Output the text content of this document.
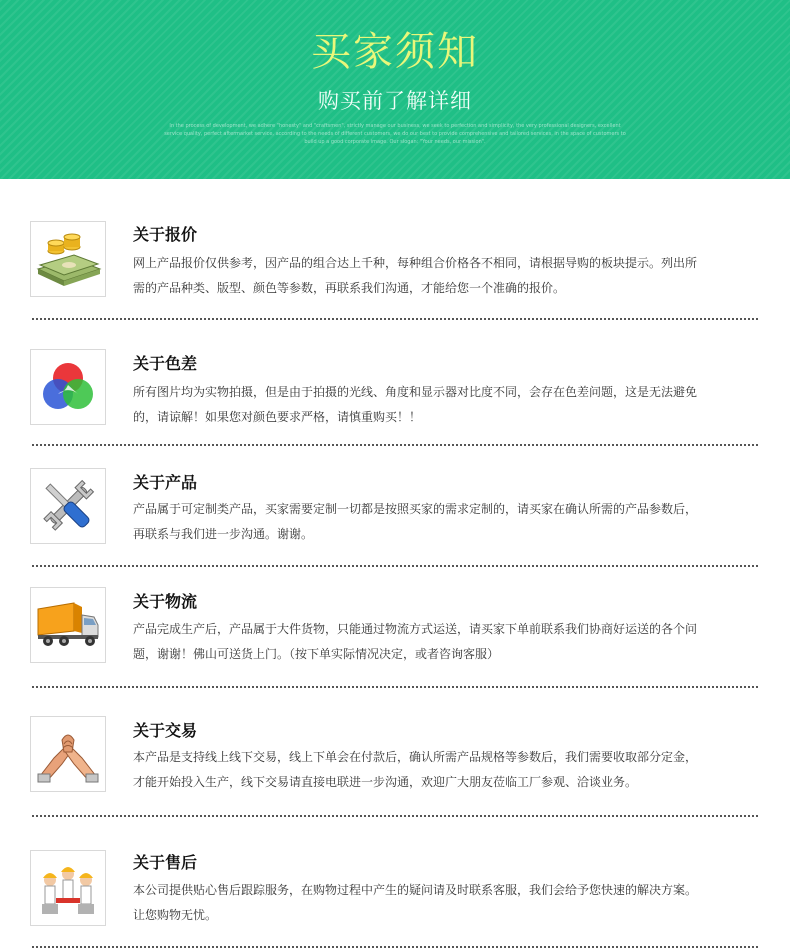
买家须知
购买前了解详细
In the process of development, we adhere "honesty" and "craftsmen", strictly manage our business, we seek to perfection and simplicity, the very professional designers, excellent service quality, perfect aftermarket service, according to the needs of different customers, we do our best to provide comprehensive and tailored services, in the space of customers to build up a good corporate image. Our slogan: "Your needs, our mission".
关于报价
网上产品报价仅供参考，因产品的组合达上千种，每种组合价格各不相同，请根据导购的板块提示。列出所
需的产品种类、版型、颜色等参数，再联系我们沟通，才能给您一个准确的报价。
关于色差
所有图片均为实物拍摄，但是由于拍摄的光线、角度和显示器对比度不同，会存在色差问题，这是无法避免
的，请谅解！如果您对颜色要求严格，请慎重购买！！
关于产品
产品属于可定制类产品，买家需要定制一切都是按照买家的需求定制的，请买家在确认所需的产品参数后，
再联系与我们进一步沟通。谢谢。
关于物流
产品完成生产后，产品属于大件货物，只能通过物流方式运送，请买家下单前联系我们协商好运送的各个问
题，谢谢！佛山可送货上门。（按下单实际情况决定，或者咨询客服）
关于交易
本产品是支持线上线下交易，线上下单会在付款后，确认所需产品规格等参数后，我们需要收取部分定金，
才能开始投入生产，线下交易请直接电联进一步沟通，欢迎广大朋友莅临工厂参观、洽谈业务。
关于售后
本公司提供贴心售后跟踪服务，在购物过程中产生的疑问请及时联系客服，我们会给予您快速的解决方案。
让您购物无忧。
